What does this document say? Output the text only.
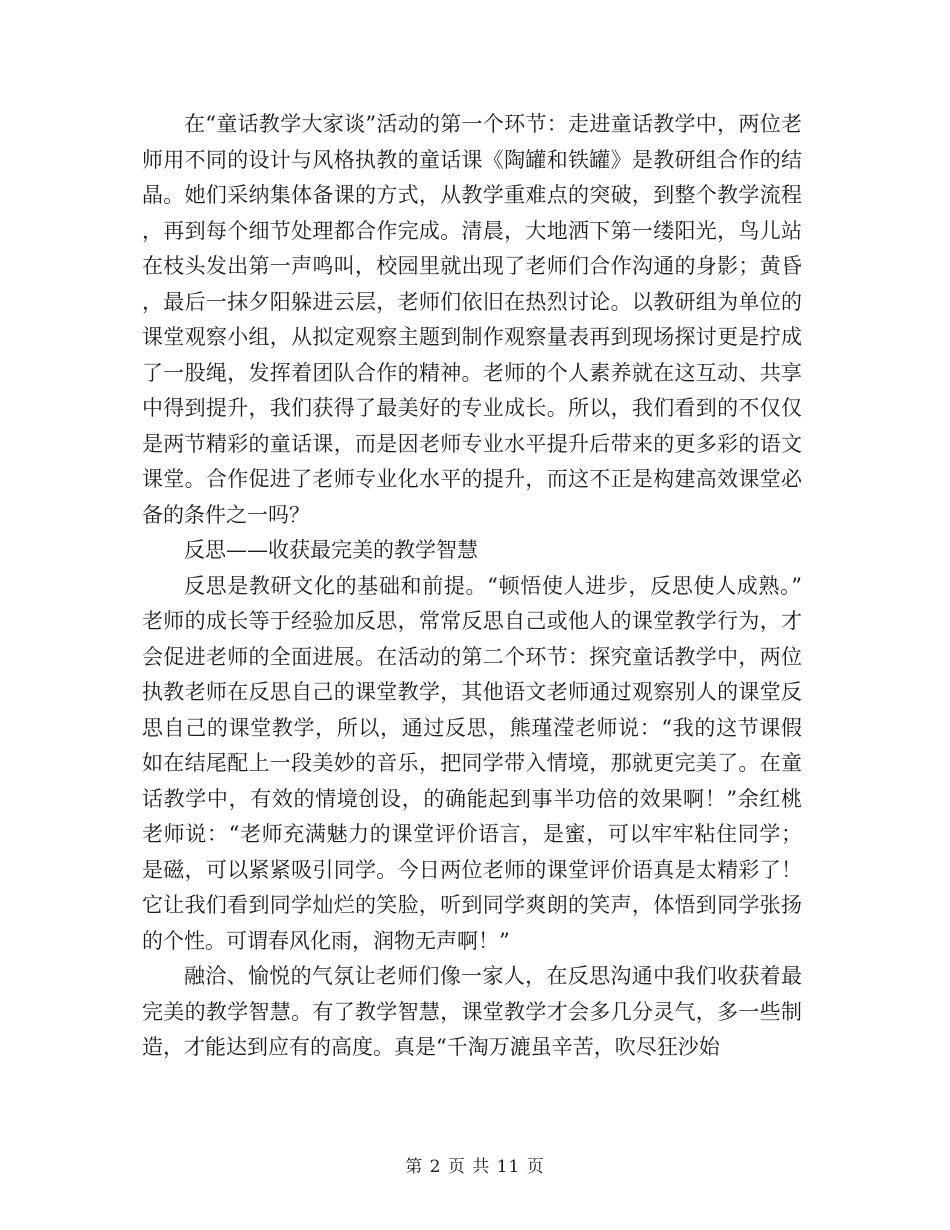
在“童话教学大家谈”活动的第一个环节：走进童话教学中，两位老师用不同的设计与风格执教的童话课《陶罐和铁罐》是教研组合作的结晶。她们采纳集体备课的方式，从教学重难点的突破，到整个教学流程，再到每个细节处理都合作完成。清晨，大地洒下第一缕阳光，鸟儿站在枝头发出第一声鸣叫，校园里就出现了老师们合作沟通的身影；黄昏，最后一抹夕阳躲进云层，老师们依旧在热烈讨论。以教研组为单位的课堂观察小组，从拟定观察主题到制作观察量表再到现场探讨更是拧成了一股绳，发挥着团队合作的精神。老师的个人素养就在这互动、共享中得到提升，我们获得了最美好的专业成长。所以，我们看到的不仅仅是两节精彩的童话课，而是因老师专业水平提升后带来的更多彩的语文课堂。合作促进了老师专业化水平的提升，而这不正是构建高效课堂必备的条件之一吗？

反思——收获最完美的教学智慧

反思是教研文化的基础和前提。“顿悟使人进步，反思使人成熟。”老师的成长等于经验加反思，常常反思自己或他人的课堂教学行为，才会促进老师的全面进展。在活动的第二个环节：探究童话教学中，两位执教老师在反思自己的课堂教学，其他语文老师通过观察别人的课堂反思自己的课堂教学，所以，通过反思，熊瑾滢老师说：“我的这节课假如在结尾配上一段美妙的音乐，把同学带入情境，那就更完美了。在童话教学中，有效的情境创设，的确能起到事半功倍的效果啊！”余红桃老师说：“老师充满魅力的课堂评价语言，是蜜，可以牢牢粘住同学；是磁，可以紧紧吸引同学。今日两位老师的课堂评价语真是太精彩了！它让我们看到同学灿烂的笑脸，听到同学爽朗的笑声，体悟到同学张扬的个性。可谓春风化雨，润物无声啊！”

融洽、愉悦的气氛让老师们像一家人，在反思沟通中我们收获着最完美的教学智慧。有了教学智慧，课堂教学才会多几分灵气，多一些制造，才能达到应有的高度。真是“千淘万漉虽辛苦，吹尽狂沙始

第 2 页 共 11 页
